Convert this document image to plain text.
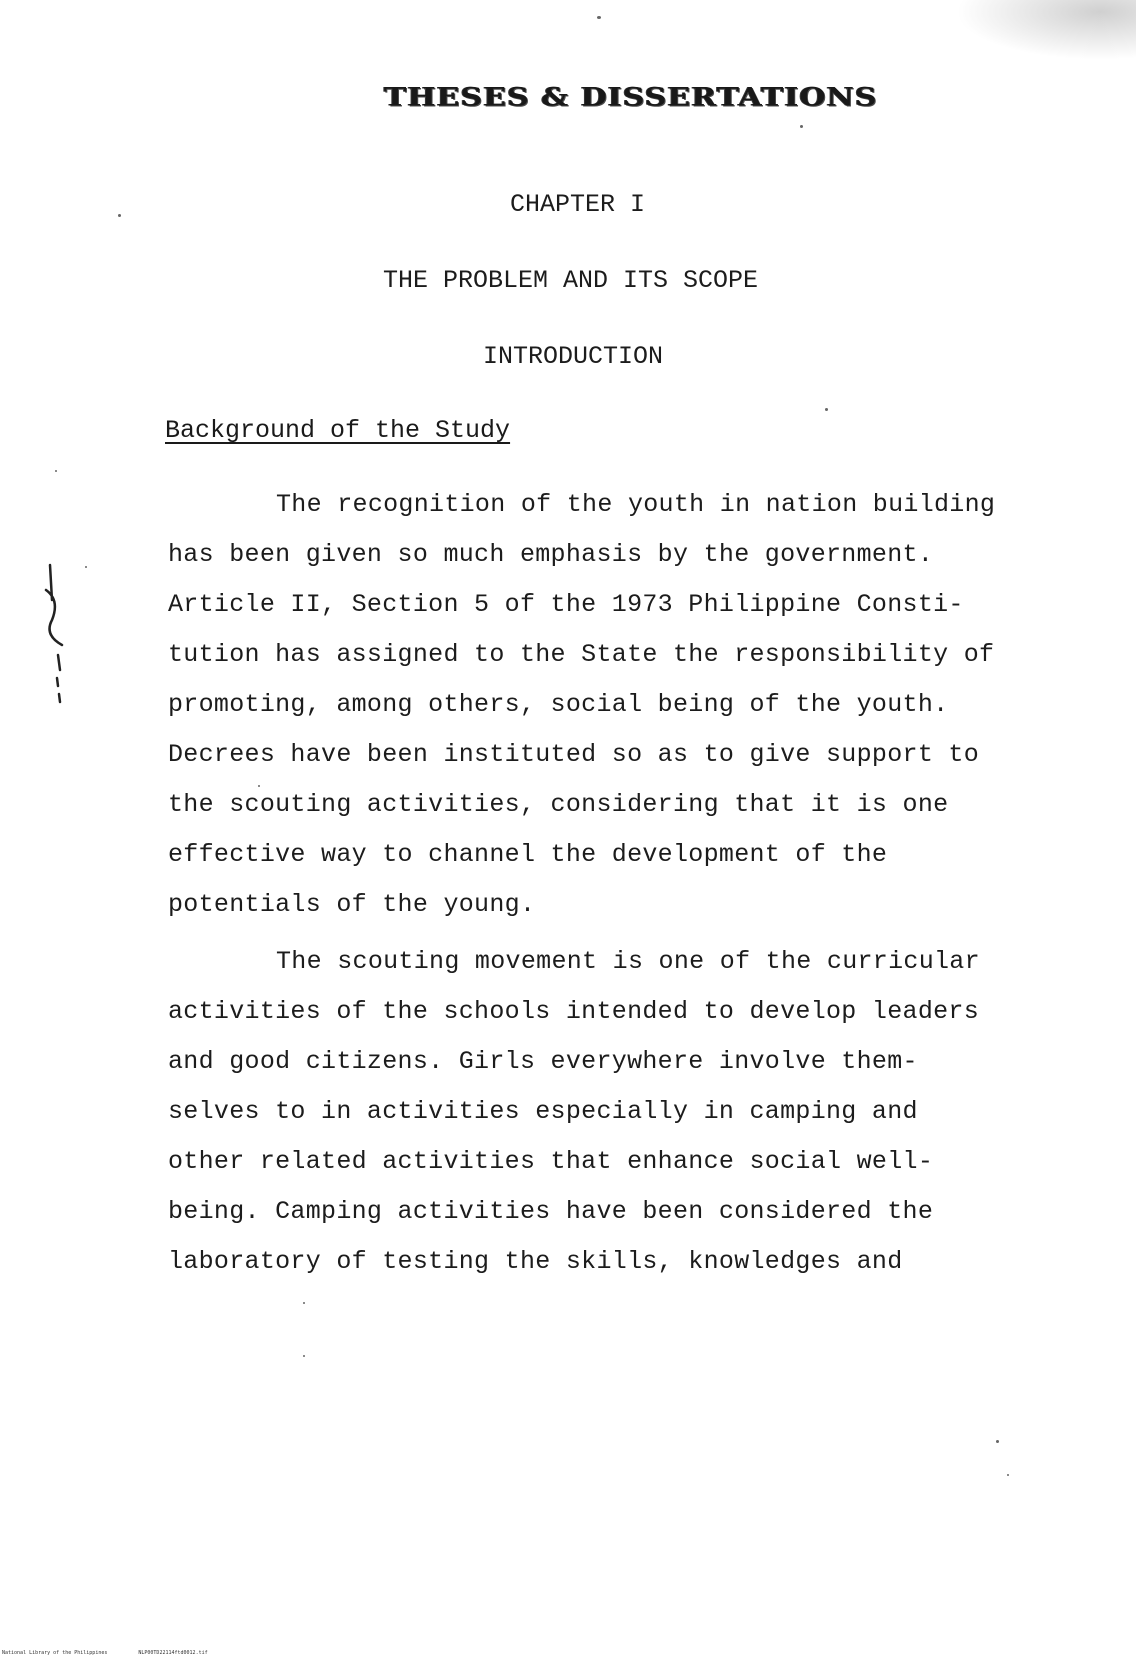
THESES & DISSERTATIONS
CHAPTER I
THE PROBLEM AND ITS SCOPE
INTRODUCTION
Background of the Study
The recognition of the youth in nation building
has been given so much emphasis by the government.
Article II, Section 5 of the 1973 Philippine Consti-
tution has assigned to the State the responsibility of
promoting, among others, social being of the youth.
Decrees have been instituted so as to give support to
the scouting activities, considering that it is one
effective way to channel the development of the
potentials of the young.
The scouting movement is one of the curricular
activities of the schools intended to develop leaders
and good citizens. Girls everywhere involve them-
selves to in activities especially in camping and
other related activities that enhance social well-
being. Camping activities have been considered the
laboratory of testing the skills, knowledges and
National Library of the Philippines	NLP00TD22114ftd0012.tif
